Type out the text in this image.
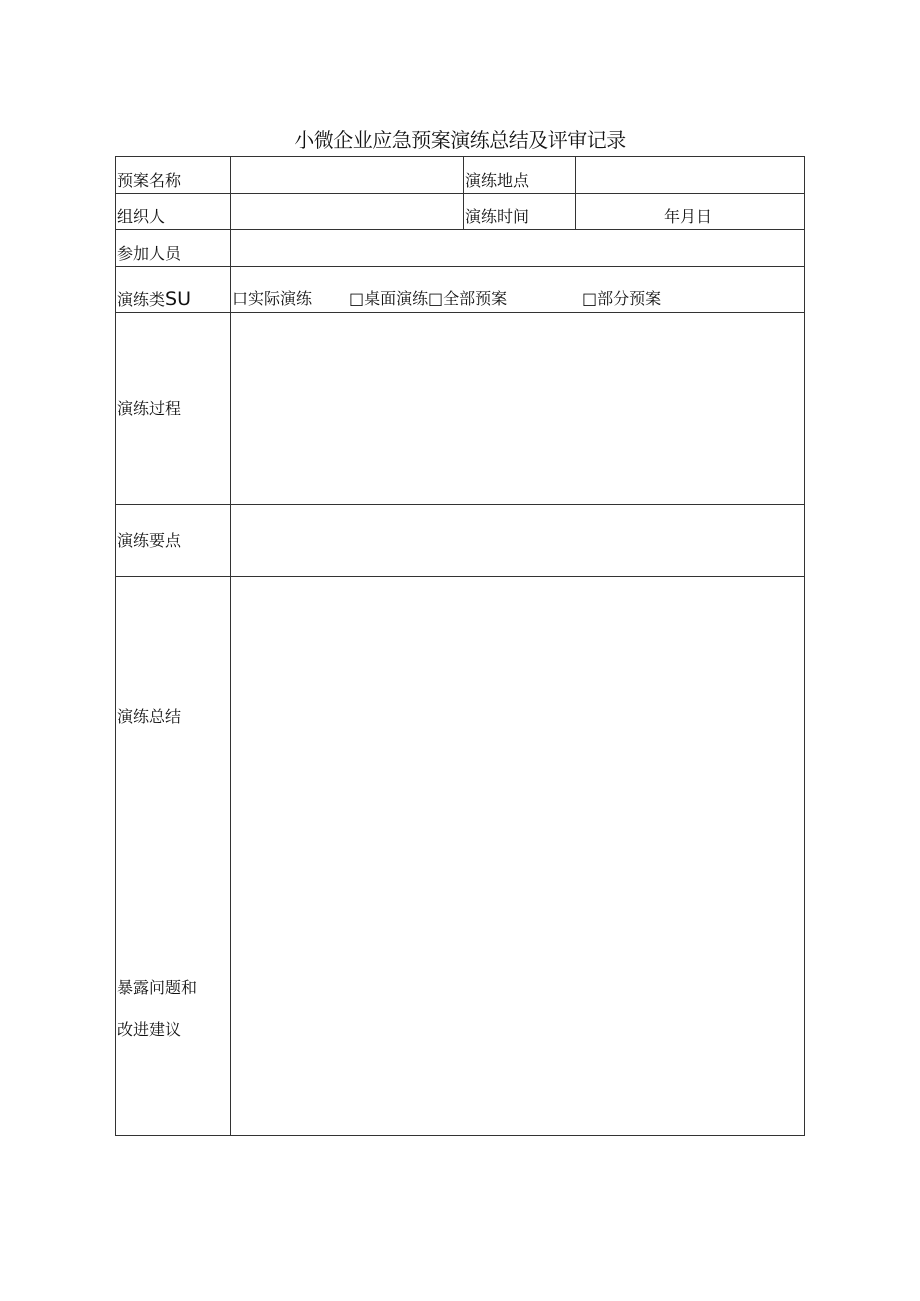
小微企业应急预案演练总结及评审记录
预案名称		演练地点	
组织人		演练时间	年月日
参加人员			
演练类SU	口实际演练 □桌面演练 □全部预案 □部分预案		

演练过程			
演练要点			

演练总结
暴露问题和
改进建议			
